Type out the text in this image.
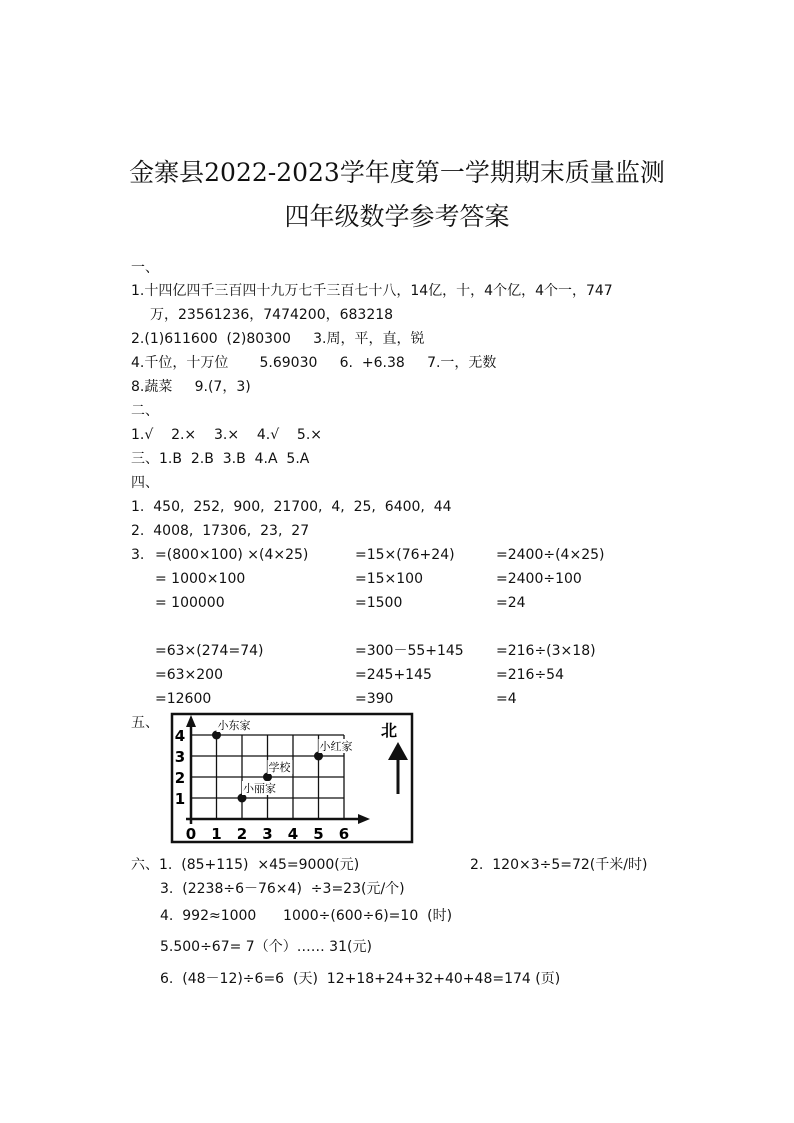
金寨县2022-2023学年度第一学期期末质量监测
四年级数学参考答案
一、
1.十四亿四千三百四十九万七千三百七十八，14亿，十，4个亿，4个一，747
万，23561236，7474200，683218
2.(1)611600  (2)80300     3.周，平，直，锐
4.千位，十万位       5.69030     6.  +6.38     7.一，无数
8.蔬菜     9.(7，3)
二、
1.√    2.×    3.×    4.√    5.×
三、1.B  2.B  3.B  4.A  5.A
四、
1.  450,  252,  900,  21700,  4,  25,  6400,  44
2.  4008,  17306,  23,  27
3. =(800×100) ×(4×25)
= 1000×100
= 100000
=63×(274=74)
=63×200
=12600
=15×(76+24)
=15×100
=1500
=300－55+145
=245+145
=390
=2400÷(4×25)
=2400÷100
=24
=216÷(3×18)
=216÷54
=4
五、	北
0 1 2 3 4 5 6
1
2
3
4
小东家
小红家
学校
小丽家
六、1.  (85+115)  ×45=9000(元)	2.  120×3÷5=72(千米/时)
3.  (2238÷6－76×4)  ÷3=23(元/个)
4.  992≈1000      1000÷(600÷6)=10  (时)
5.500÷67= 7（个）…… 31(元)
6.  (48－12)÷6=6  (天)  12+18+24+32+40+48=174 (页)
